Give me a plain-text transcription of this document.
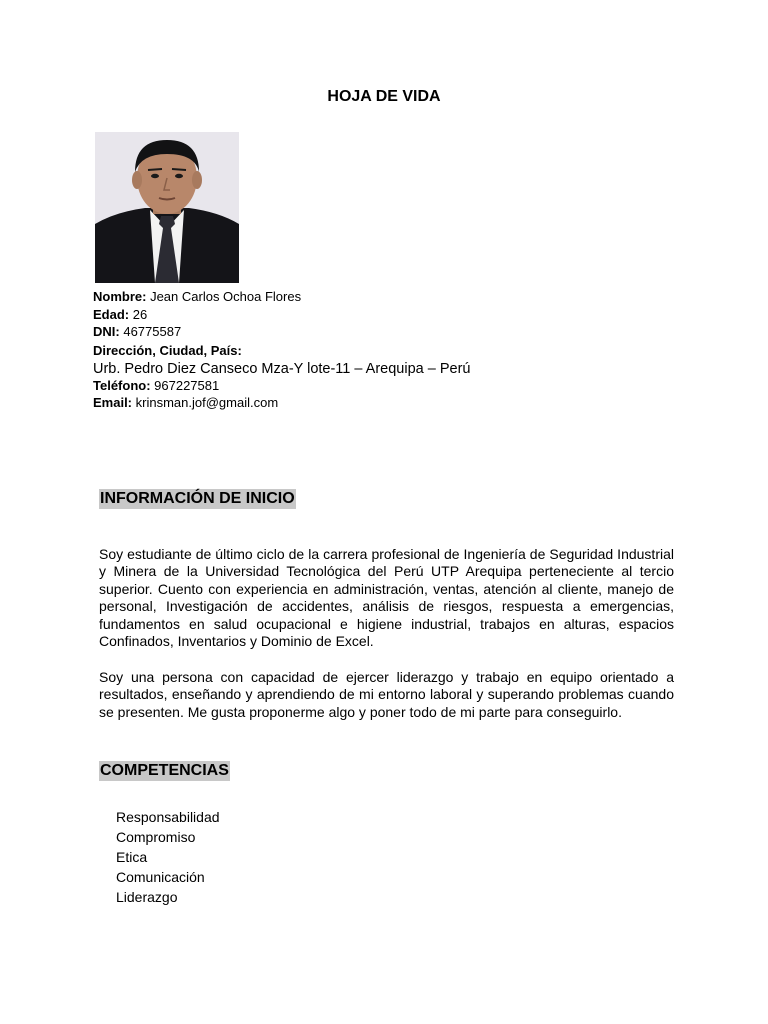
HOJA DE VIDA
Nombre: Jean Carlos Ochoa Flores
Edad: 26
DNI: 46775587
Dirección, Ciudad, País:
Urb. Pedro Diez Canseco Mza-Y lote-11 – Arequipa – Perú
Teléfono: 967227581
Email: krinsman.jof@gmail.com
INFORMACIÓN DE INICIO
Soy estudiante de último ciclo de la carrera profesional de Ingeniería de Seguridad Industrial y Minera de la Universidad Tecnológica del Perú UTP Arequipa perteneciente al tercio superior. Cuento con experiencia en administración, ventas, atención al cliente, manejo de personal, Investigación de accidentes, análisis de riesgos, respuesta a emergencias, fundamentos en salud ocupacional e higiene industrial, trabajos en alturas, espacios Confinados, Inventarios y Dominio de Excel.
Soy una persona con capacidad de ejercer liderazgo y trabajo en equipo orientado a resultados, enseñando y aprendiendo de mi entorno laboral y superando problemas cuando se presenten. Me gusta proponerme algo y poner todo de mi parte para conseguirlo.
COMPETENCIAS
Responsabilidad
Compromiso
Etica
Comunicación
Liderazgo
